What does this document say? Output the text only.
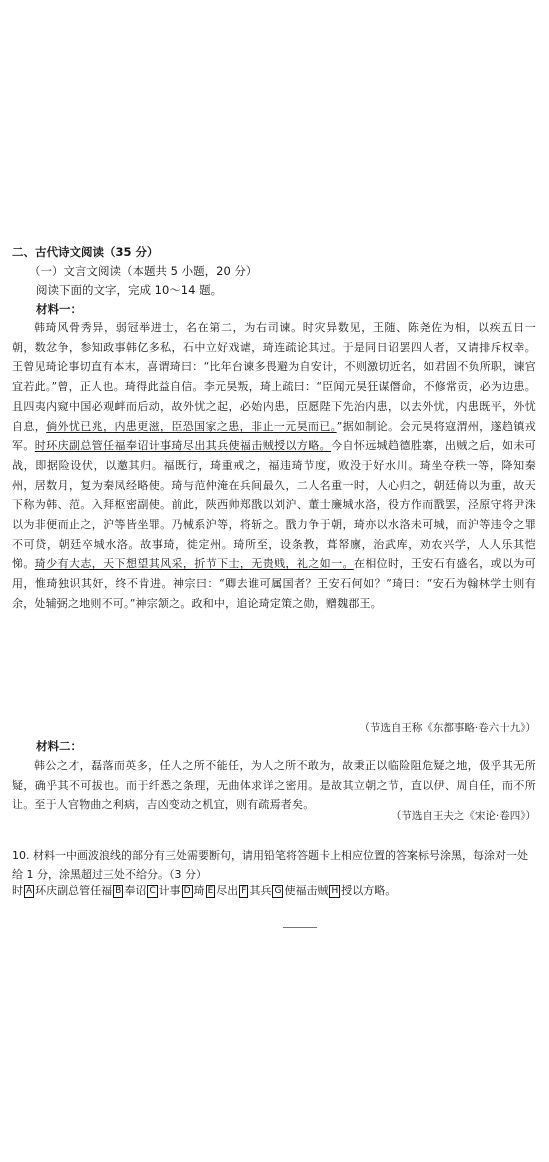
二、古代诗文阅读（35 分）
（一）文言文阅读（本题共 5 小题，20 分）
阅读下面的文字，完成 10～14 题。
材料一：
韩琦风骨秀异，弱冠举进士，名在第二，为右司谏。时灾异数见，王随、陈尧佐为相，以疾五日一朝，数忿争，参知政事韩亿多私，石中立好戏谑，琦连疏论其过。于是同日诏罢四人者，又请排斥权幸。王曾见琦论事切直有本末，喜谓琦曰：“比年台谏多畏避为自安计，不则激切近名，如君固不负所职，谏官宜若此。”曾，正人也。琦得此益自信。李元昊叛，琦上疏曰：“臣闻元昊狂谋僭命，不修常贡，必为边患。且四夷内窥中国必观衅而后动，故外忧之起，必始内患，臣愿陛下先治内患，以去外忧，内患既平，外忧自息，倘外忧已兆，内患更滋，臣恐国家之患，非止一元昊而已。”据如制论。会元昊将寇渭州，遂趋镇戎军。时环庆副总管任福奉诏计事琦尽出其兵使福击贼授以方略。今自怀远城趋德胜寨，出贼之后，如未可战，即据险设伏，以邀其归。福既行，琦重戒之，福违琦节度，败没于好水川。琦坐夺秩一等，降知秦州，居数月，复为秦凤经略使。琦与范仲淹在兵间最久，二人名重一时，人心归之，朝廷倚以为重，故天下称为韩、范。入拜枢密副使。前此，陕西帅郑戬以刘沪、董士廉城水洛，役方作而戬罢，泾原守将尹洙以为非便而止之，沪等皆坐罪。乃械系沪等，将斩之。戬力争于朝，琦亦以水洛未可城，而沪等违令之罪不可贷，朝廷卒城水洛。故事琦，徙定州。琦所至，设条教，葺帑廪，治武库，劝农兴学，人人乐其恺悌。琦少有大志，天下想望其风采，折节下士，无贵贱，礼之如一。在相位时，王安石有盛名，或以为可用，惟琦独识其奸，终不肯进。神宗曰：“卿去谁可属国者？王安石何如？”琦曰：“安石为翰林学士则有余，处辅弼之地则不可。”神宗颔之。政和中，追论琦定策之勋，赠魏郡王。
（节选自王称《东都事略·卷六十九》）
材料二：
韩公之才，磊落而英多，任人之所不能任，为人之所不敢为，故秉正以临险阻危疑之地，伋乎其无所疑，确乎其不可拔也。而于纤悉之条理，无曲体求详之密用。是故其立朝之节，直以伊、周自任，而不所让。至于人官物曲之利病，吉凶变动之机宜，则有疏焉者矣。
（节选自王夫之《宋论·卷四》）
10. 材料一中画波浪线的部分有三处需要断句，请用铅笔将答题卡上相应位置的答案标号涂黑，每涂对一处给 1 分，涂黑超过三处不给分。（3 分）
时 A 环庆副总管任福 B 奉诏 C 计事 D 琦 E 尽出 F 其兵 G 使福击贼 H 授以方略。
